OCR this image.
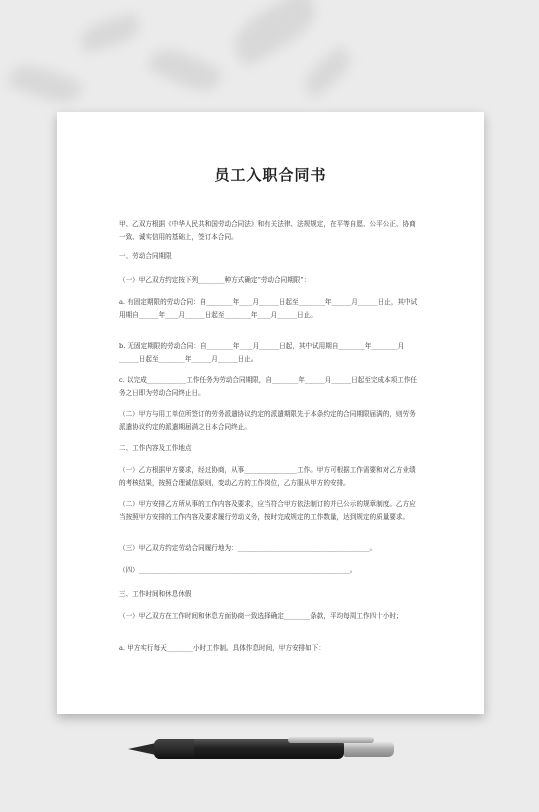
员工入职合同书
甲、乙双方根据《中华人民共和国劳动合同法》和有关法律、法规规定，在平等自愿、公平公正、协商一致、诚实信用的基础上，签订本合同。
一、劳动合同期限
（一）甲乙双方约定按下列________种方式确定“劳动合同期限”：
a. 有固定期限的劳动合同：自________年____月______日起至________年______月______日止，其中试用期自______年____月______日起至________年____月______日止。
b. 无固定期限的劳动合同：自________年____月______日起，其中试用期自________年________月______日起至________年______月______日止。
c. 以完成____________工作任务为劳动合同期限，自________年______月______日起至完成本项工作任务之日即为劳动合同终止日。
（二）甲方与用工单位所签订的劳务派遣协议约定的派遣期限先于本条约定的合同期限届满的，则劳务派遣协议约定的派遣期届满之日本合同终止。
二、工作内容及工作地点
（一）乙方根据甲方要求，经过协商，从事________________工作。甲方可根据工作需要和对乙方业绩的考核结果，按照合理诚信原则，变动乙方的工作岗位，乙方服从甲方的安排。
（二）甲方安排乙方所从事的工作内容及要求，应当符合甲方依法制订的并已公示的规章制度。乙方应当按照甲方安排的工作内容及要求履行劳动义务，按时完成规定的工作数量，达到规定的质量要求。
（三）甲乙双方约定劳动合同履行地为：________________________________________。
（四）________________________________________________________________。
三、工作时间和休息休假
（一）甲乙双方在工作时间和休息方面协商一致选择确定________条款，平均每周工作四十小时；
a. 甲方实行每天________小时工作制。具体作息时间，甲方安排如下：
